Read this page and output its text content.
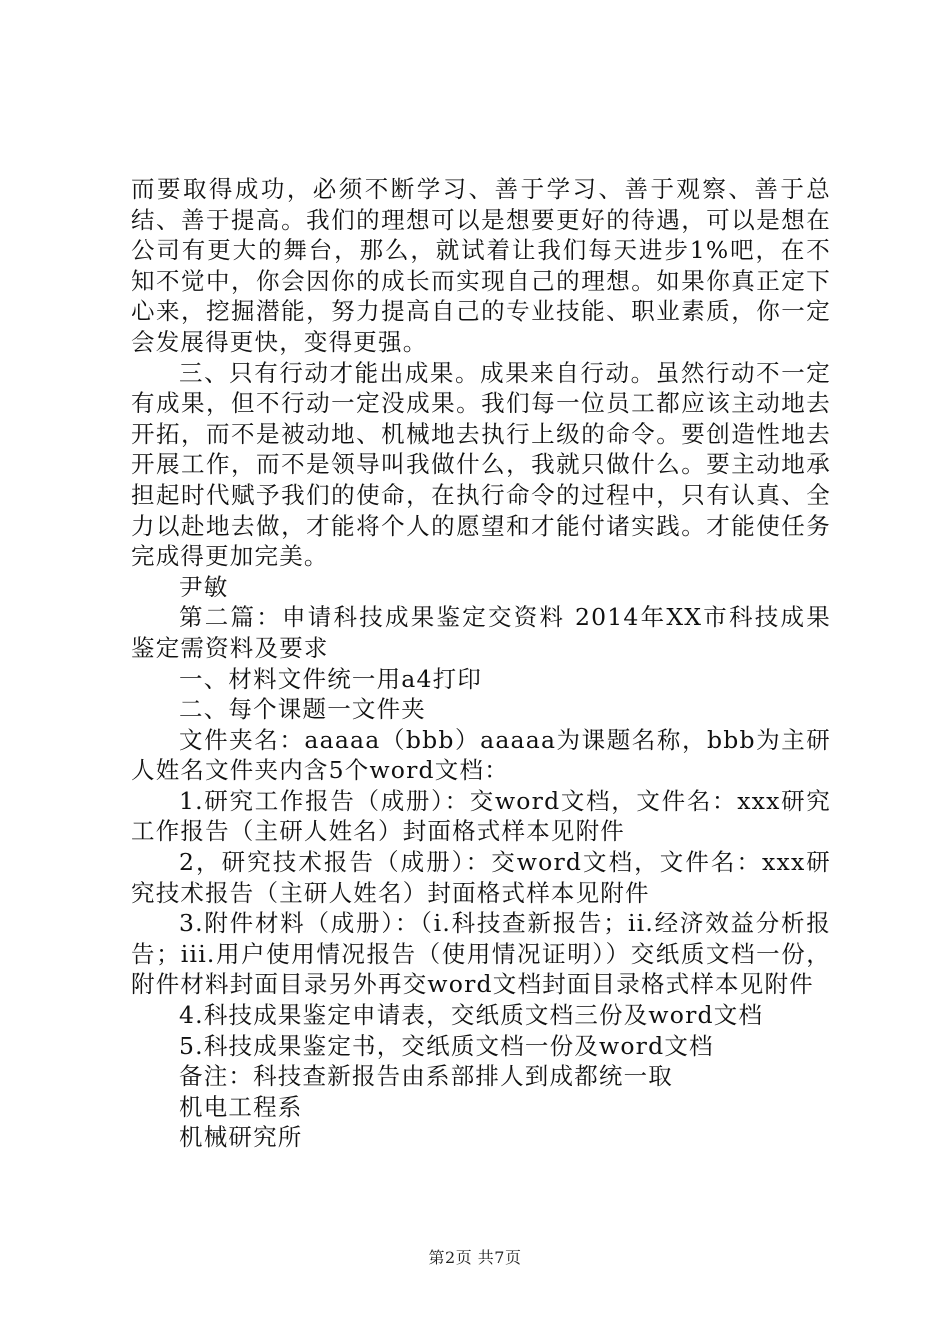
而要取得成功，必须不断学习、善于学习、善于观察、善于总结、善于提高。我们的理想可以是想要更好的待遇，可以是想在公司有更大的舞台，那么，就试着让我们每天进步1%吧，在不知不觉中，你会因你的成长而实现自己的理想。如果你真正定下心来，挖掘潜能，努力提高自己的专业技能、职业素质，你一定会发展得更快，变得更强。

三、只有行动才能出成果。成果来自行动。虽然行动不一定有成果，但不行动一定没成果。我们每一位员工都应该主动地去开拓，而不是被动地、机械地去执行上级的命令。要创造性地去开展工作，而不是领导叫我做什么，我就只做什么。要主动地承担起时代赋予我们的使命，在执行命令的过程中，只有认真、全力以赴地去做，才能将个人的愿望和才能付诸实践。才能使任务完成得更加完美。

尹敏

第二篇：申请科技成果鉴定交资料 2014年XX市科技成果鉴定需资料及要求

一、材料文件统一用a4打印

二、每个课题一文件夹

文件夹名：aaaaa（bbb）aaaaa为课题名称，bbb为主研人姓名文件夹内含5个word文档：

1.研究工作报告（成册）：交word文档，文件名：xxx研究工作报告（主研人姓名）封面格式样本见附件

2，研究技术报告（成册）：交word文档，文件名：xxx研究技术报告（主研人姓名）封面格式样本见附件

3.附件材料（成册）：（i.科技查新报告；ii.经济效益分析报告；iii.用户使用情况报告（使用情况证明））交纸质文档一份，附件材料封面目录另外再交word文档封面目录格式样本见附件

4.科技成果鉴定申请表，交纸质文档三份及word文档

5.科技成果鉴定书，交纸质文档一份及word文档

备注：科技查新报告由系部排人到成都统一取

机电工程系

机械研究所

第2页 共7页
